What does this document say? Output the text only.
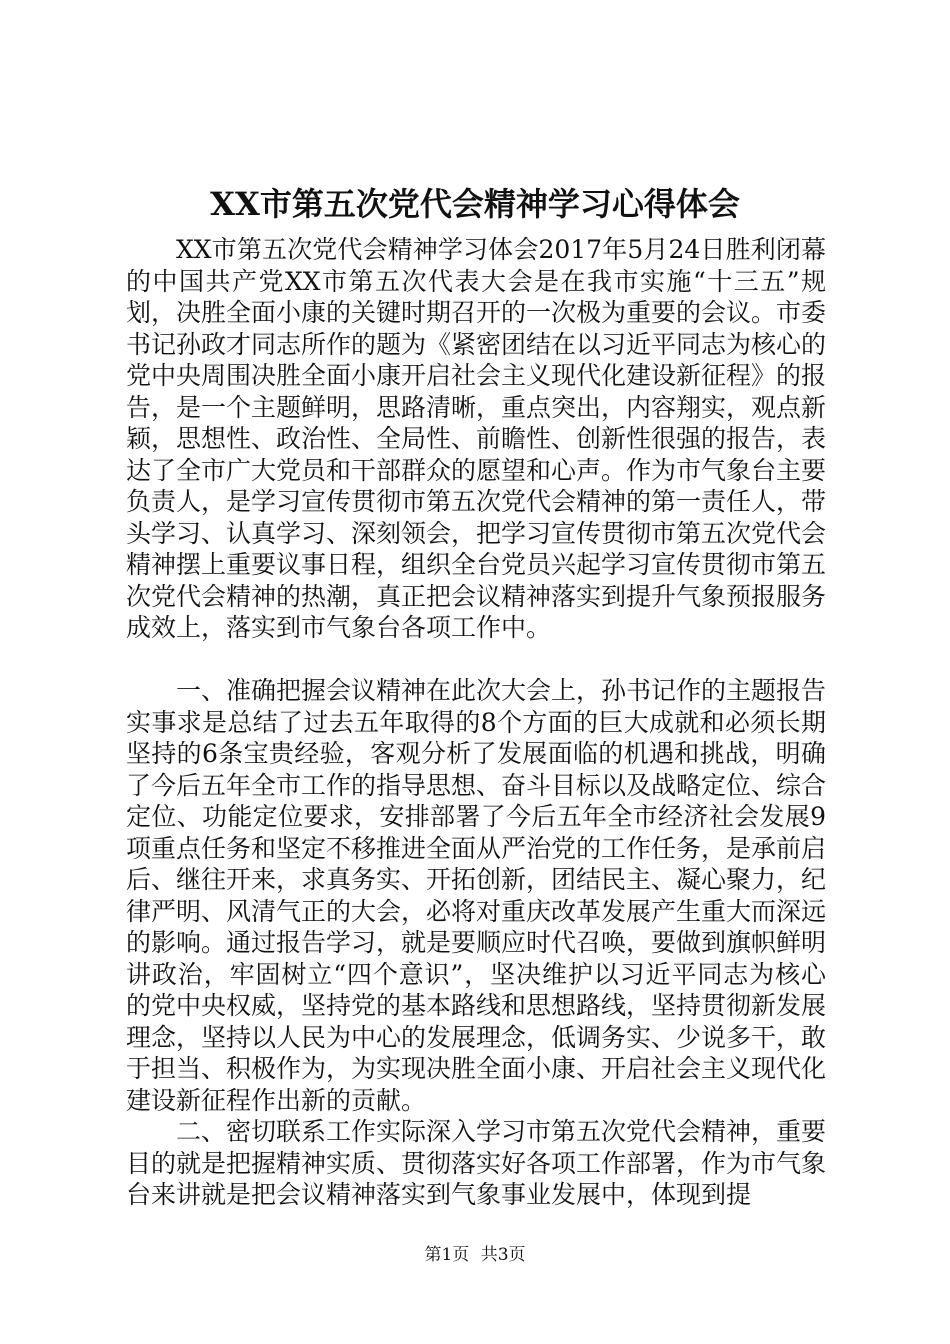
XX市第五次党代会精神学习心得体会

XX市第五次党代会精神学习体会2017年5月24日胜利闭幕的中国共产党XX市第五次代表大会是在我市实施“十三五”规划，决胜全面小康的关键时期召开的一次极为重要的会议。市委书记孙政才同志所作的题为《紧密团结在以习近平同志为核心的党中央周围决胜全面小康开启社会主义现代化建设新征程》的报告，是一个主题鲜明，思路清晰，重点突出，内容翔实，观点新颖，思想性、政治性、全局性、前瞻性、创新性很强的报告，表达了全市广大党员和干部群众的愿望和心声。作为市气象台主要负责人，是学习宣传贯彻市第五次党代会精神的第一责任人，带头学习、认真学习、深刻领会，把学习宣传贯彻市第五次党代会精神摆上重要议事日程，组织全台党员兴起学习宣传贯彻市第五次党代会精神的热潮，真正把会议精神落实到提升气象预报服务成效上，落实到市气象台各项工作中。

一、准确把握会议精神在此次大会上，孙书记作的主题报告实事求是总结了过去五年取得的8个方面的巨大成就和必须长期坚持的6条宝贵经验，客观分析了发展面临的机遇和挑战，明确了今后五年全市工作的指导思想、奋斗目标以及战略定位、综合定位、功能定位要求，安排部署了今后五年全市经济社会发展9项重点任务和坚定不移推进全面从严治党的工作任务，是承前启后、继往开来，求真务实、开拓创新，团结民主、凝心聚力，纪律严明、风清气正的大会，必将对重庆改革发展产生重大而深远的影响。通过报告学习，就是要顺应时代召唤，要做到旗帜鲜明讲政治，牢固树立“四个意识”，坚决维护以习近平同志为核心的党中央权威，坚持党的基本路线和思想路线，坚持贯彻新发展理念，坚持以人民为中心的发展理念，低调务实、少说多干，敢于担当、积极作为，为实现决胜全面小康、开启社会主义现代化建设新征程作出新的贡献。

二、密切联系工作实际深入学习市第五次党代会精神，重要目的就是把握精神实质、贯彻落实好各项工作部署，作为市气象台来讲就是把会议精神落实到气象事业发展中，体现到提

第1页 共3页
